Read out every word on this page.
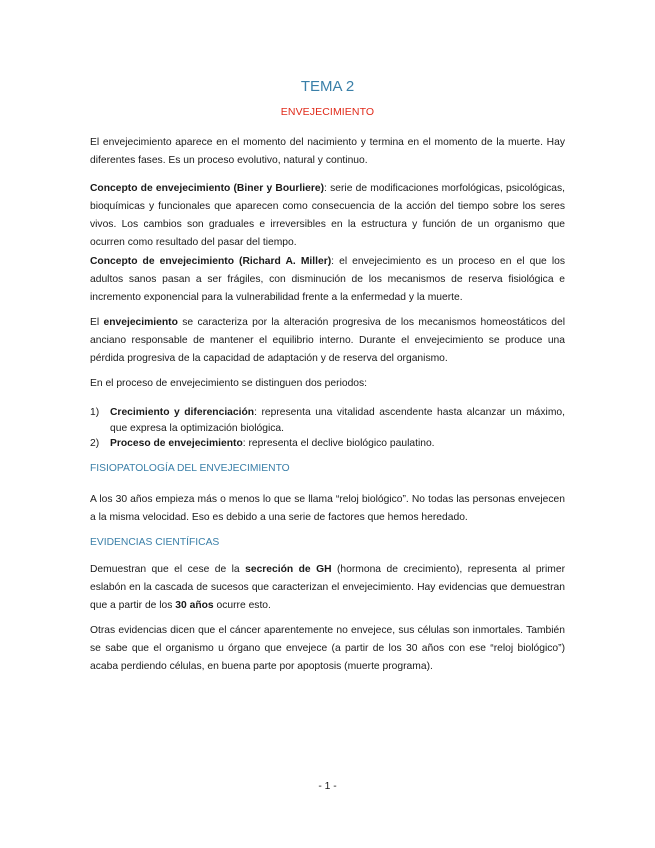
TEMA 2
ENVEJECIMIENTO

El envejecimiento aparece en el momento del nacimiento y termina en el momento de la muerte. Hay diferentes fases. Es un proceso evolutivo, natural y continuo.

Concepto de envejecimiento (Biner y Bourliere): serie de modificaciones morfológicas, psicológicas, bioquímicas y funcionales que aparecen como consecuencia de la acción del tiempo sobre los seres vivos. Los cambios son graduales e irreversibles en la estructura y función de un organismo que ocurren como resultado del pasar del tiempo.

Concepto de envejecimiento (Richard A. Miller): el envejecimiento es un proceso en el que los adultos sanos pasan a ser frágiles, con disminución de los mecanismos de reserva fisiológica e incremento exponencial para la vulnerabilidad frente a la enfermedad y la muerte.

El envejecimiento se caracteriza por la alteración progresiva de los mecanismos homeostáticos del anciano responsable de mantener el equilibrio interno. Durante el envejecimiento se produce una pérdida progresiva de la capacidad de adaptación y de reserva del organismo.

En el proceso de envejecimiento se distinguen dos periodos:

1) Crecimiento y diferenciación: representa una vitalidad ascendente hasta alcanzar un máximo, que expresa la optimización biológica.
2) Proceso de envejecimiento: representa el declive biológico paulatino.

FISIOPATOLOGÍA DEL ENVEJECIMIENTO

A los 30 años empieza más o menos lo que se llama “reloj biológico”. No todas las personas envejecen a la misma velocidad. Eso es debido a una serie de factores que hemos heredado.

EVIDENCIAS CIENTÍFICAS

Demuestran que el cese de la secreción de GH (hormona de crecimiento), representa al primer eslabón en la cascada de sucesos que caracterizan el envejecimiento. Hay evidencias que demuestran que a partir de los 30 años ocurre esto.

Otras evidencias dicen que el cáncer aparentemente no envejece, sus células son inmortales. También se sabe que el organismo u órgano que envejece (a partir de los 30 años con ese “reloj biológico”) acaba perdiendo células, en buena parte por apoptosis (muerte programa).

- 1 -
